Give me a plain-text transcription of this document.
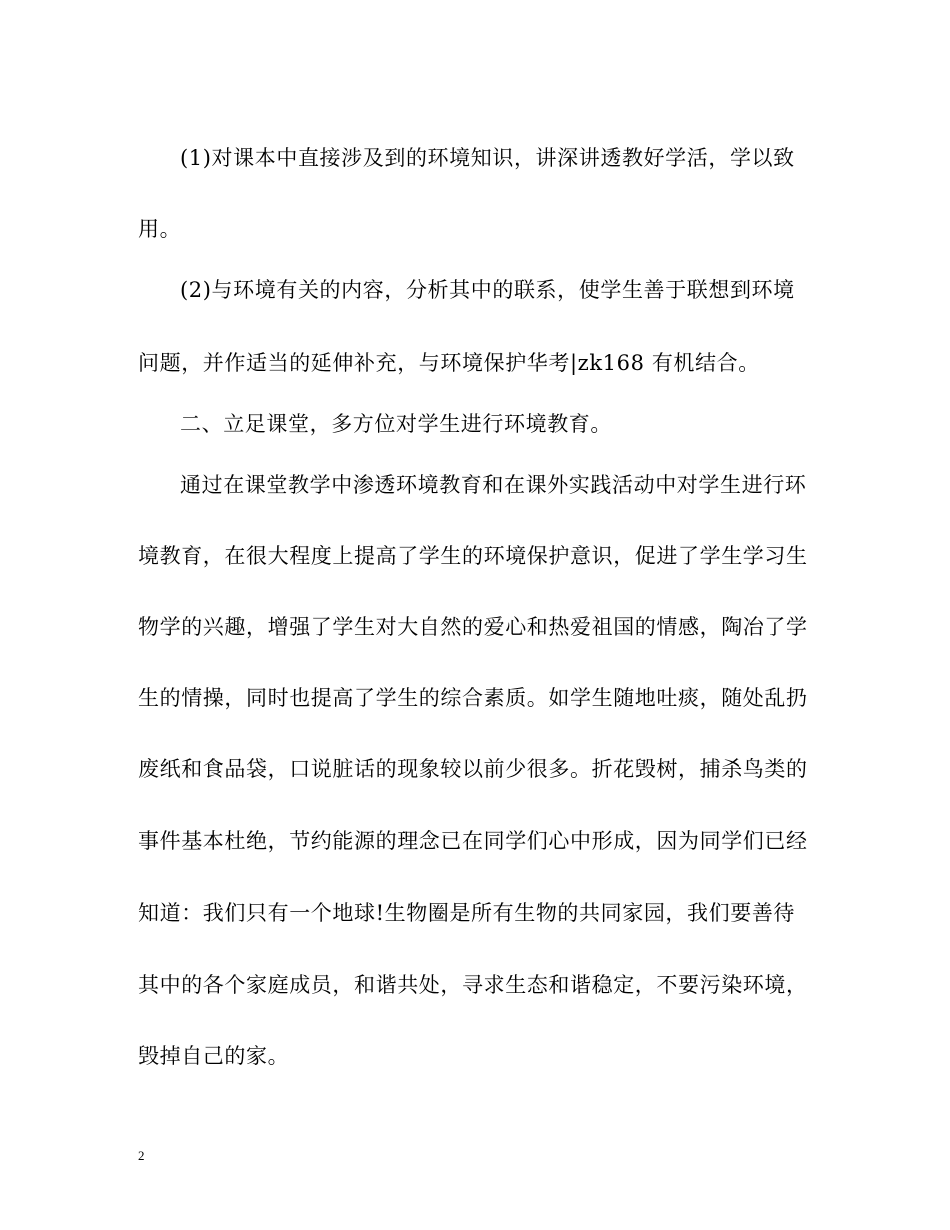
(1)对课本中直接涉及到的环境知识，讲深讲透教好学活，学以致
用。
(2)与环境有关的内容，分析其中的联系，使学生善于联想到环境
问题，并作适当的延伸补充，与环境保护华考|zk168 有机结合。
二、立足课堂，多方位对学生进行环境教育。
通过在课堂教学中渗透环境教育和在课外实践活动中对学生进行环
境教育，在很大程度上提高了学生的环境保护意识，促进了学生学习生
物学的兴趣，增强了学生对大自然的爱心和热爱祖国的情感，陶冶了学
生的情操，同时也提高了学生的综合素质。如学生随地吐痰，随处乱扔
废纸和食品袋，口说脏话的现象较以前少很多。折花毁树，捕杀鸟类的
事件基本杜绝，节约能源的理念已在同学们心中形成，因为同学们已经
知道：我们只有一个地球!生物圈是所有生物的共同家园，我们要善待
其中的各个家庭成员，和谐共处，寻求生态和谐稳定，不要污染环境，
毁掉自己的家。
2
